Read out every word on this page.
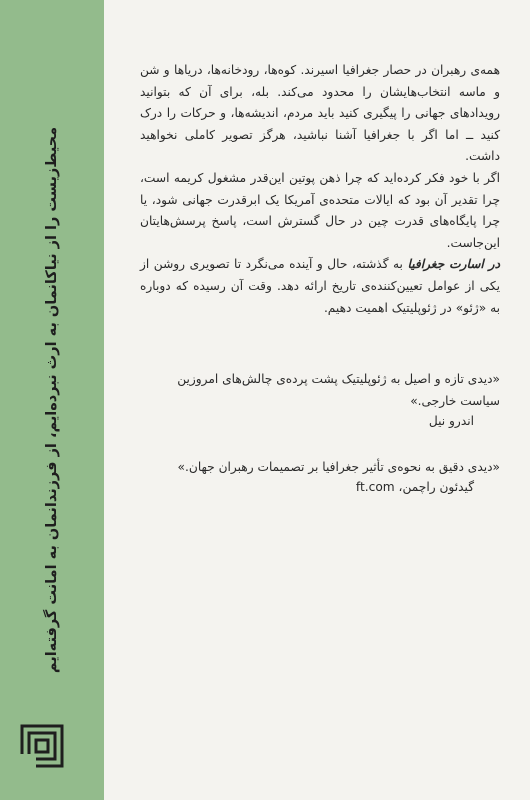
محیط‌زیست را از نیاکانمان به ارث نبرده‌ایم، از فرزندانمان به امانت گرفته‌ایم

همه‌ی رهبران در حصار جغرافیا اسیرند. کوه‌ها، رودخانه‌ها، دریاها و شن و ماسه انتخاب‌هایشان را محدود می‌کند. بله، برای آن که بتوانید رویدادهای جهانی را پیگیری کنید باید مردم، اندیشه‌ها، و حرکات را درک کنید ــ اما اگر با جغرافیا آشنا نباشید، هرگز تصویر کاملی نخواهید داشت.

اگر با خود فکر کرده‌اید که چرا ذهن پوتین این‌قدر مشغول کریمه است، چرا تقدیر آن بود که ایالات متحده‌ی آمریکا یک ابرقدرت جهانی شود، یا چرا پایگاه‌های قدرت چین در حال گسترش است، پاسخ پرسش‌هایتان این‌جاست.

در اسارت جغرافیا به گذشته، حال و آینده می‌نگرد تا تصویری روشن از یکی از عوامل تعیین‌کننده‌ی تاریخ ارائه دهد. وقت آن رسیده که دوباره به «ژئو» در ژئوپلیتیک اهمیت دهیم.

«دیدی تازه و اصیل به ژئوپلیتیک پشت پرده‌ی چالش‌های امروزین سیاست خارجی.»
اندرو نیل
«دیدی دقیق به نحوه‌ی تأثیر جغرافیا بر تصمیمات رهبران جهان.»
گیدئون راچمن، ft.com
